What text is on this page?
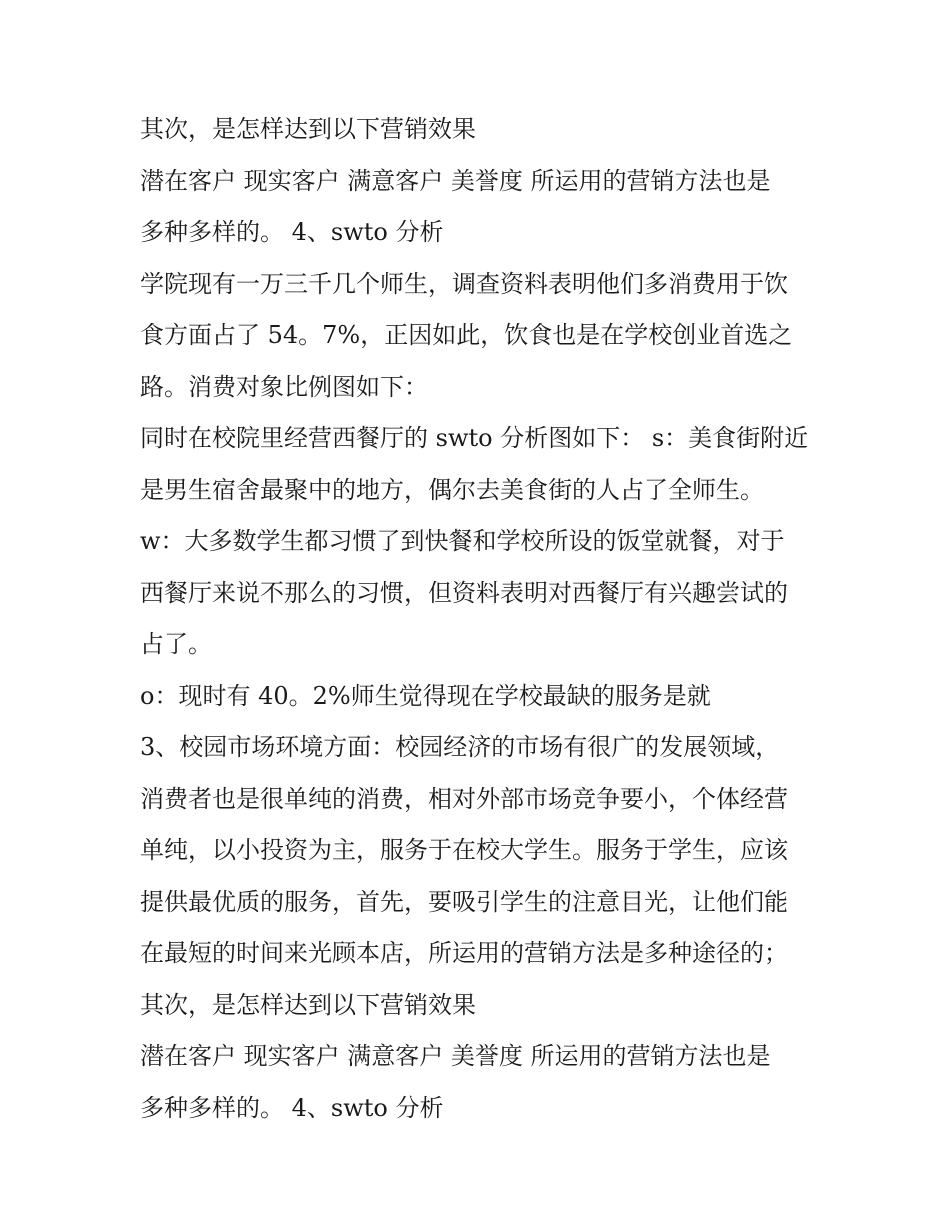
其次，是怎样达到以下营销效果
潜在客户 现实客户 满意客户 美誉度 所运用的营销方法也是
多种多样的。 4、swto 分析
学院现有一万三千几个师生，调查资料表明他们多消费用于饮
食方面占了 54。7%，正因如此，饮食也是在学校创业首选之
路。消费对象比例图如下：
同时在校院里经营西餐厅的 swto 分析图如下： s：美食街附近
是男生宿舍最聚中的地方，偶尔去美食街的人占了全师生。
w：大多数学生都习惯了到快餐和学校所设的饭堂就餐，对于
西餐厅来说不那么的习惯，但资料表明对西餐厅有兴趣尝试的
占了。
o：现时有 40。2%师生觉得现在学校最缺的服务是就
3、校园市场环境方面：校园经济的市场有很广的发展领域，
消费者也是很单纯的消费，相对外部市场竞争要小，个体经营
单纯，以小投资为主，服务于在校大学生。服务于学生，应该
提供最优质的服务，首先，要吸引学生的注意目光，让他们能
在最短的时间来光顾本店，所运用的营销方法是多种途径的；
其次，是怎样达到以下营销效果
潜在客户 现实客户 满意客户 美誉度 所运用的营销方法也是
多种多样的。 4、swto 分析
